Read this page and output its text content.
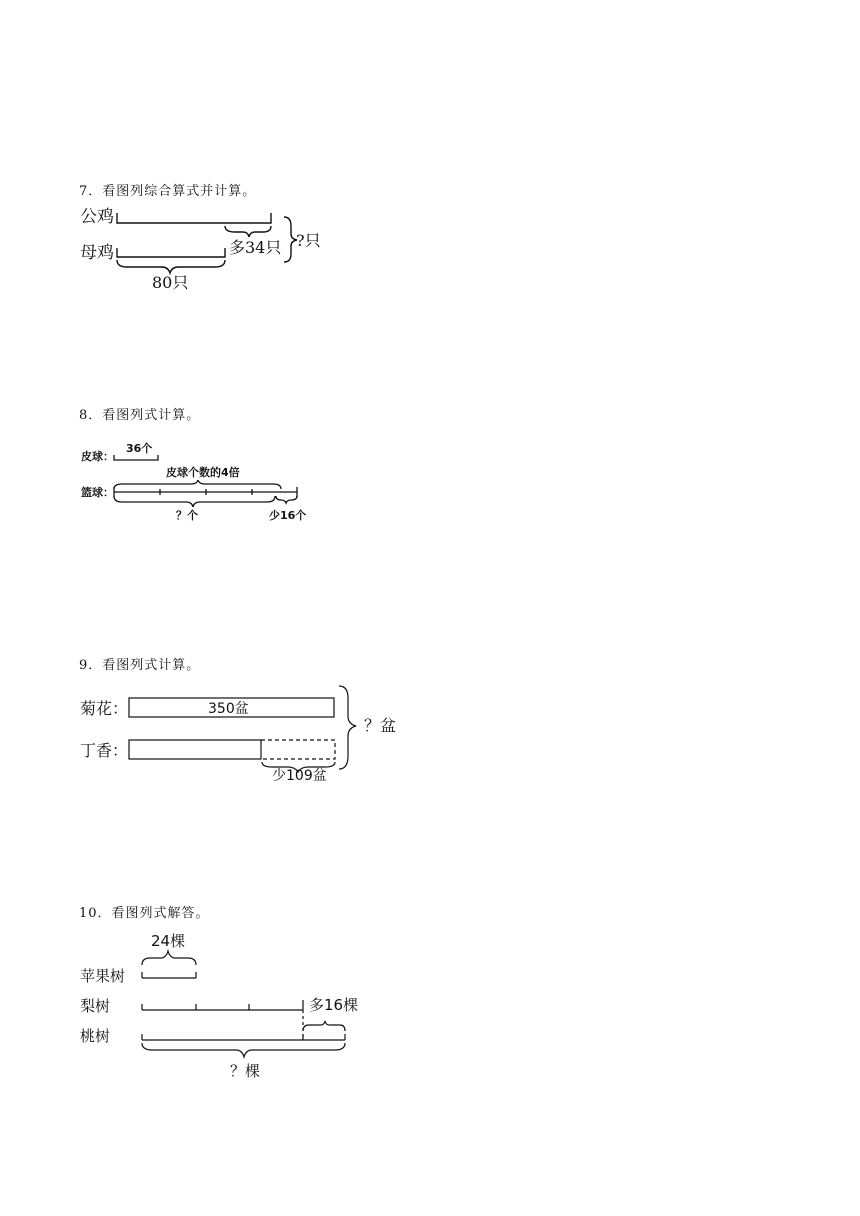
7．看图列综合算式并计算。
8．看图列式计算。
9．看图列式计算。
10．看图列式解答。
公鸡
母鸡	多34只 ?只
80只
皮球：
36个
篮球：
皮球个数的4倍
？个	少16个
菊花：
丁香：
350盆
少109盆
？盆
24棵
苹果树
梨树
桃树
多16棵
？棵
